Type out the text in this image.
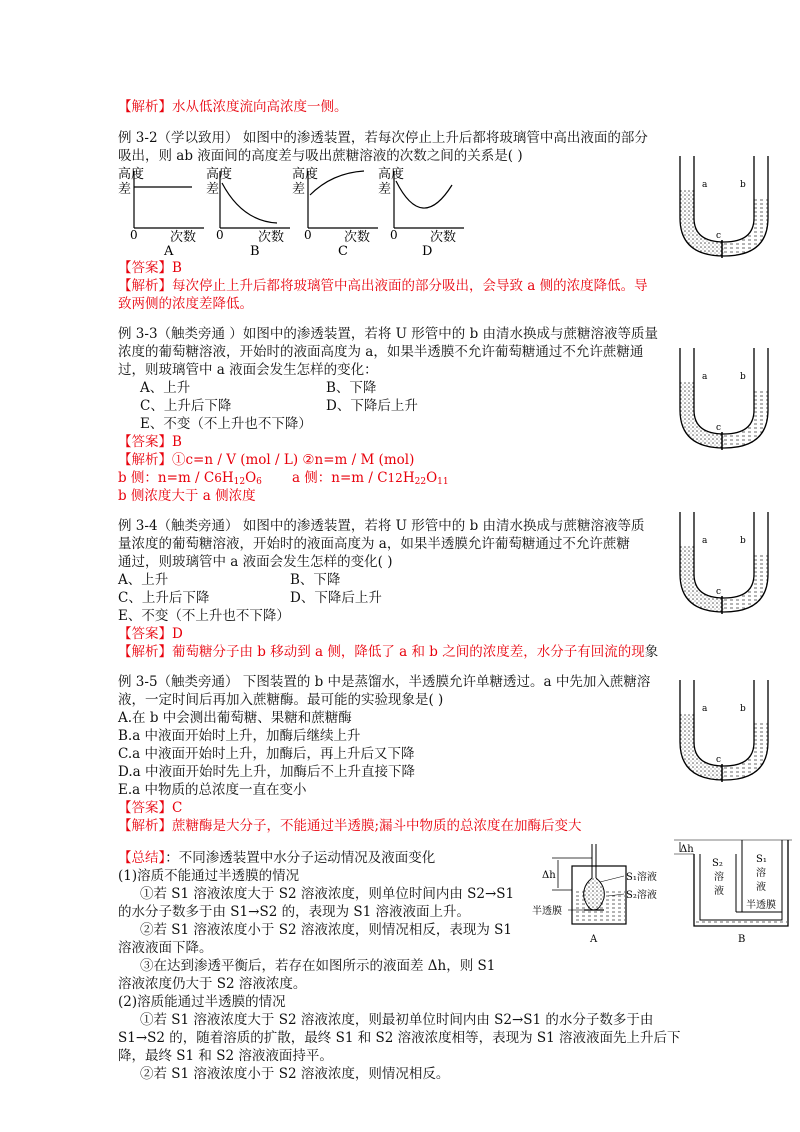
【解析】水从低浓度流向高浓度一侧。
例 3-2（学以致用） 如图中的渗透装置，若每次停止上升后都将玻璃管中高出液面的部分
吸出，则 ab 液面间的高度差与吸出蔗糖溶液的次数之间的关系是( )
高度
差
0 次数
A
高度
差
0	次数
B
高度
差
0 次数
C
高度
差
0 次数
D
【答案】B
【解析】每次停止上升后都将玻璃管中高出液面的部分吸出，会导致 a 侧的浓度降低。导
致两侧的浓度差降低。
例 3-3（触类旁通 ）如图中的渗透装置，若将 U 形管中的 b 由清水换成与蔗糖溶液等质量
浓度的葡萄糖溶液，开始时的液面高度为 a，如果半透膜不允许葡萄糖通过不允许蔗糖通
过，则玻璃管中 a 液面会发生怎样的变化：
A、上升	B、下降
C、上升后下降	D、下降后上升
E、不变（不上升也不下降）
【答案】B
【解析】①c=n / V (mol / L) ②n=m / M (mol)
b 侧：$n=m / C6H_{12}O_6$ a 侧：$n=m / C12H_{22}O_{11}$
b 侧浓度大于 a 侧浓度
例 3-4（触类旁通） 如图中的渗透装置，若将 U 形管中的 b 由清水换成与蔗糖溶液等质
量浓度的葡萄糖溶液，开始时的液面高度为 a，如果半透膜允许葡萄糖通过不允许蔗糖
通过，则玻璃管中 a 液面会发生怎样的变化( )
A、上升	B、下降
C、上升后下降	D、下降后上升
E、不变（不上升也不下降）
【答案】D
【解析】葡萄糖分子由 b 移动到 a 侧，降低了 a 和 b 之间的浓度差，水分子有回流的现象
例 3-5（触类旁通） 下图装置的 b 中是蒸馏水，半透膜允许单糖透过。a 中先加入蔗糖溶
液，一定时间后再加入蔗糖酶。最可能的实验现象是( )
A.在 b 中会测出葡萄糖、果糖和蔗糖酶
B.a 中液面开始时上升，加酶后继续上升
C.a 中液面开始时上升，加酶后，再上升后又下降
D.a 中液面开始时先上升，加酶后不上升直接下降
E.a 中物质的总浓度一直在变小
【答案】C
【解析】蔗糖酶是大分子，不能通过半透膜;漏斗中物质的总浓度在加酶后变大
【总结】：不同渗透装置中水分子运动情况及液面变化
(1)溶质不能通过半透膜的情况
①若 S1 溶液浓度大于 S2 溶液浓度，则单位时间内由 S2→S1
的水分子数多于由 S1→S2 的，表现为 S1 溶液液面上升。
②若 S1 溶液浓度小于 S2 溶液浓度，则情况相反，表现为 S1
溶液液面下降。
③在达到渗透平衡后，若存在如图所示的液面差 Δh，则 S1
溶液浓度仍大于 S2 溶液浓度。
(2)溶质能通过半透膜的情况
①若 S1 溶液浓度大于 S2 溶液浓度，则最初单位时间内由 S2→S1 的水分子数多于由
S1→S2 的，随着溶质的扩散，最终 S1 和 S2 溶液浓度相等，表现为 S1 溶液液面先上升后下
降，最终 S1 和 S2 溶液液面持平。
②若 S1 溶液浓度小于 S2 溶液浓度，则情况相反。
a	b
c
a	b
c
a	b
c
a	b
c
Δh	S₁溶液
S₂溶液
半透膜
A
Δh
S₂
溶
液
S₁
溶
液
半透膜
B
